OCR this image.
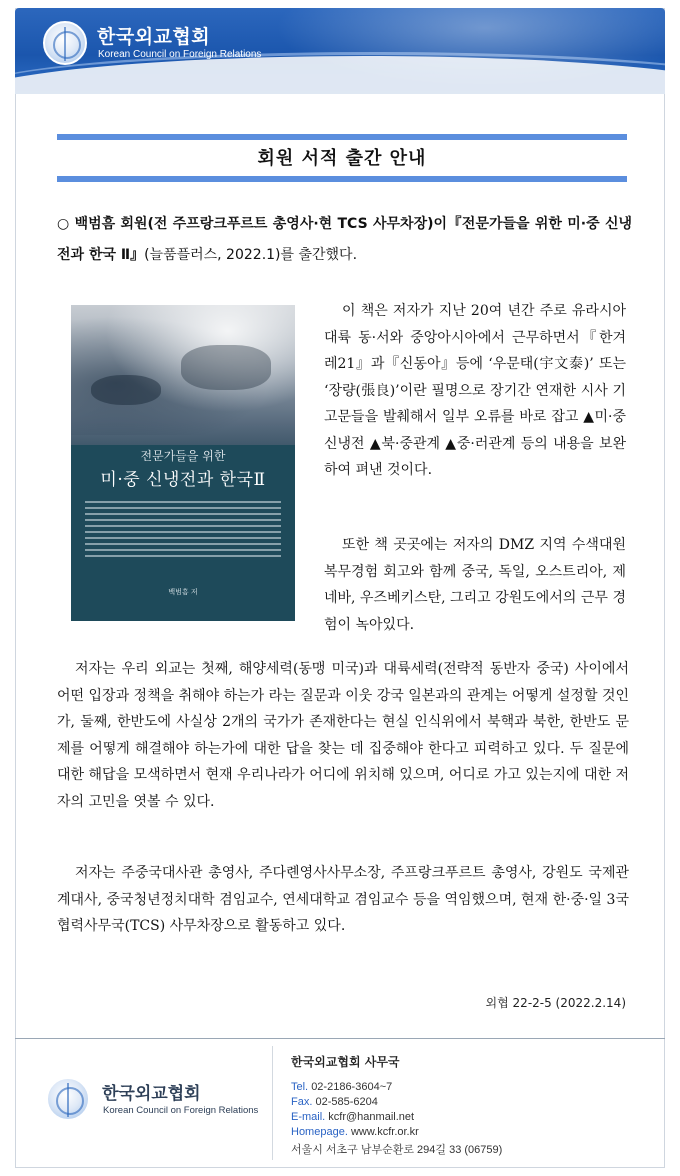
한국외교협회
Korean Council on Foreign Relations
회원 서적 출간 안내
○ 백범흠 회원(전 주프랑크푸르트 총영사·현 TCS 사무차장)이『전문가들을 위한 미·중 신냉전과 한국 Ⅱ』(늘품플러스, 2022.1)를 출간했다.
전문가들을 위한
미·중 신냉전과 한국Ⅱ
백범흠 저
이 책은 저자가 지난 20여 년간 주로 유라시아 대륙 동·서와 중앙아시아에서 근무하면서『한겨레21』과『신동아』등에 ‘우문태(宇文泰)’ 또는 ‘장량(張良)’이란 필명으로 장기간 연재한 시사 기고문들을 발췌해서 일부 오류를 바로 잡고 ▲미·중 신냉전 ▲북·중관계 ▲중·러관계 등의 내용을 보완하여 펴낸 것이다.
또한 책 곳곳에는 저자의 DMZ 지역 수색대원 복무경험 회고와 함께 중국, 독일, 오스트리아, 제네바, 우즈베키스탄, 그리고 강원도에서의 근무 경험이 녹아있다.
저자는 우리 외교는 첫째, 해양세력(동맹 미국)과 대륙세력(전략적 동반자 중국) 사이에서 어떤 입장과 정책을 취해야 하는가 라는 질문과 이웃 강국 일본과의 관계는 어떻게 설정할 것인가, 둘째, 한반도에 사실상 2개의 국가가 존재한다는 현실 인식위에서 북핵과 북한, 한반도 문제를 어떻게 해결해야 하는가에 대한 답을 찾는 데 집중해야 한다고 피력하고 있다. 두 질문에 대한 해답을 모색하면서 현재 우리나라가 어디에 위치해 있으며, 어디로 가고 있는지에 대한 저자의 고민을 엿볼 수 있다.
저자는 주중국대사관 총영사, 주다롄영사사무소장, 주프랑크푸르트 총영사, 강원도 국제관계대사, 중국청년정치대학 겸임교수, 연세대학교 겸임교수 등을 역임했으며, 현재 한·중·일 3국협력사무국(TCS) 사무차장으로 활동하고 있다.
외협 22-2-5 (2022.2.14)
한국외교협회
Korean Council on Foreign Relations
한국외교협회 사무국
Tel. 02-2186-3604~7
Fax. 02-585-6204
E-mail. kcfr@hanmail.net
Homepage. www.kcfr.or.kr
서울시 서초구 남부순환로 294길 33 (06759)
